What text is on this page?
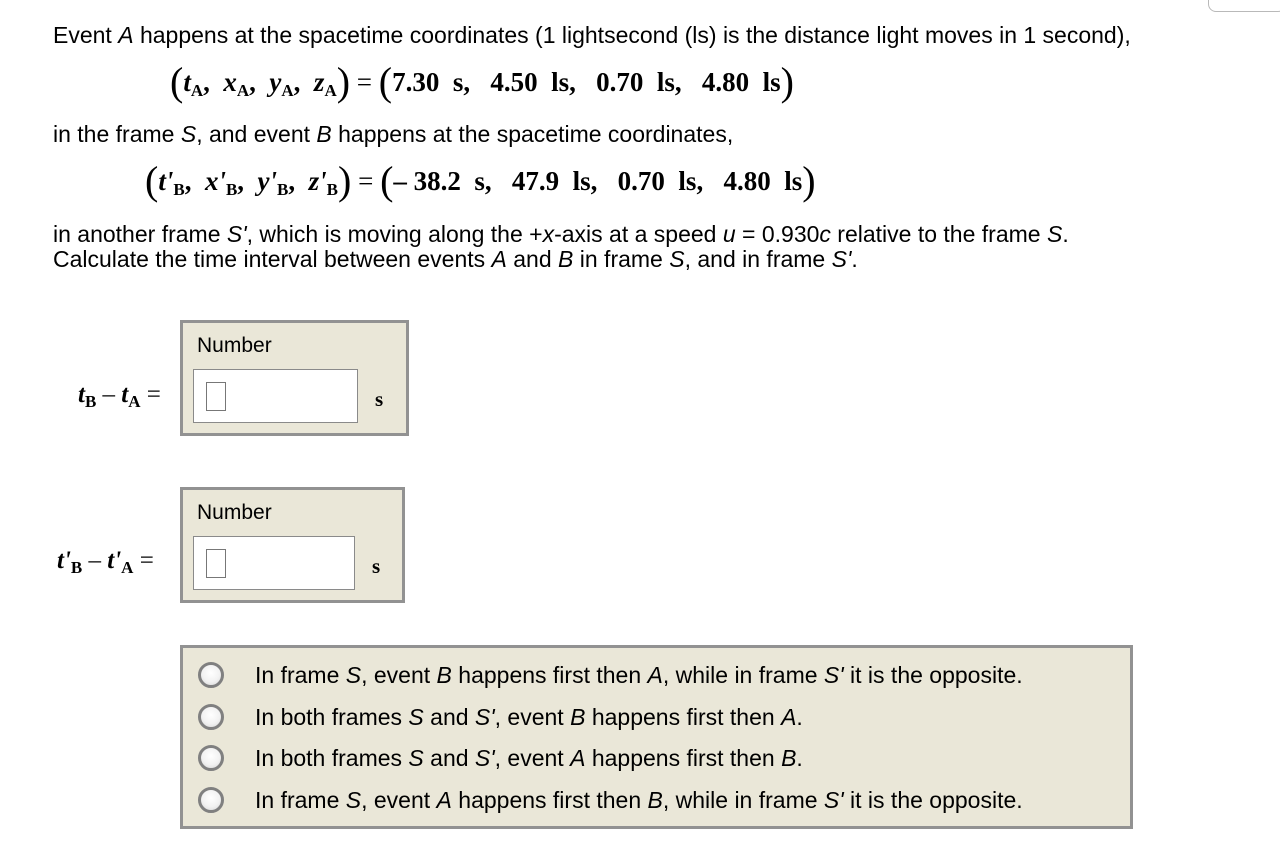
Event A happens at the spacetime coordinates (1 lightsecond (ls) is the distance light moves in 1 second),

($t_A$,  $x_A$,  $y_A$,  $z_A) = (7.30$ s,   4.50 ls,   0.70 ls,   4.80 ls)

in the frame S, and event B happens at the spacetime coordinates,

($t'_B$,  $x'_B$,  $y'_B$,  $z'_B$) = (– 38.2 s,   47.9 ls,   0.70 ls,   4.80 ls)

in another frame S', which is moving along the +x-axis at a speed u = 0.930c relative to the frame S.

Calculate the time interval between events A and B in frame S, and in frame S'.

$t_B - t_A$ =
Number
s
$t'_B - t'_A$ =
Number
s
In frame S, event B happens first then A, while in frame S' it is the opposite.
In both frames S and S', event B happens first then A.
In both frames S and S', event A happens first then B.
In frame S, event A happens first then B, while in frame S' it is the opposite.
